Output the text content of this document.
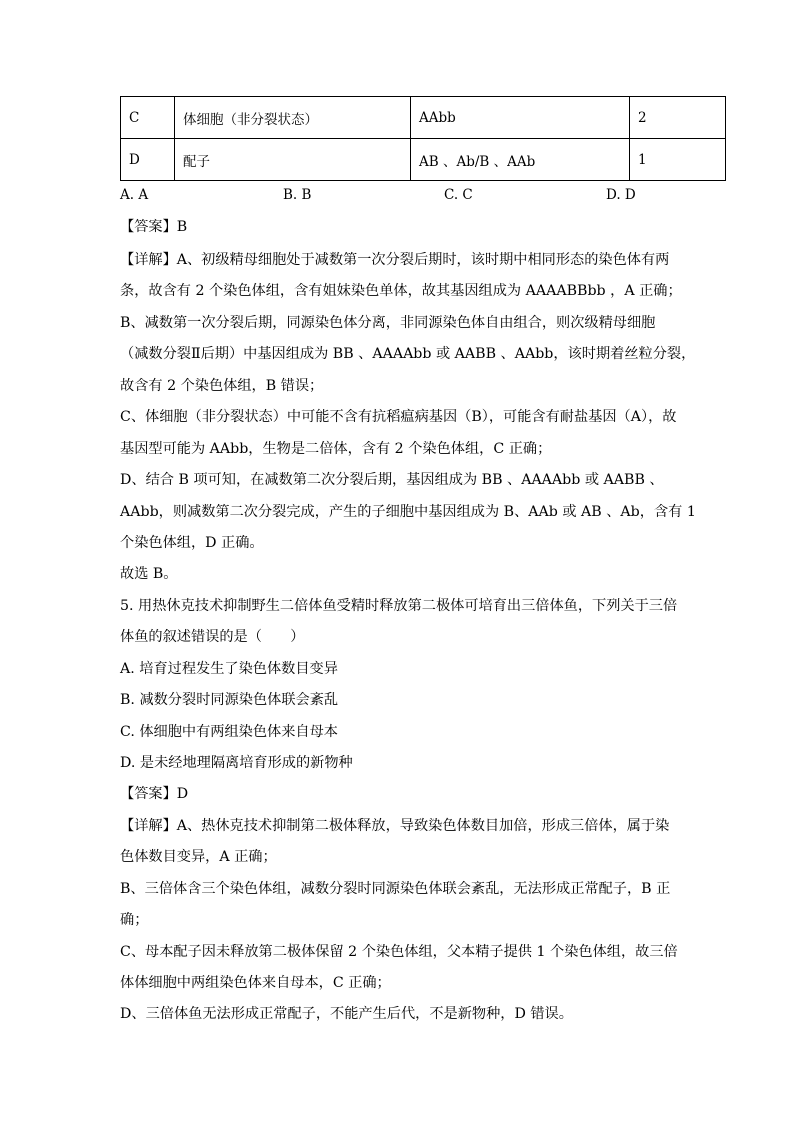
C	体细胞（非分裂状态）	AAbb	2
D	配子	AB 、Ab/B 、AAb	1
A. A	B. B	C. C	D. D
【答案】B
【详解】A、初级精母细胞处于减数第一次分裂后期时，该时期中相同形态的染色体有两
条，故含有 2 个染色体组，含有姐妹染色单体，故其基因组成为 AAAABBbb ，A 正确；
B、减数第一次分裂后期，同源染色体分离，非同源染色体自由组合，则次级精母细胞
（减数分裂Ⅱ后期）中基因组成为 BB 、AAAAbb 或 AABB 、AAbb，该时期着丝粒分裂，
故含有 2 个染色体组，B 错误；
C、体细胞（非分裂状态）中可能不含有抗稻瘟病基因（B），可能含有耐盐基因（A），故
基因型可能为 AAbb，生物是二倍体，含有 2 个染色体组，C 正确；
D、结合 B 项可知，在减数第二次分裂后期，基因组成为 BB 、AAAAbb 或 AABB 、
AAbb，则减数第二次分裂完成，产生的子细胞中基因组成为 B、AAb 或 AB 、Ab，含有 1
个染色体组，D 正确。
故选 B。
5. 用热休克技术抑制野生二倍体鱼受精时释放第二极体可培育出三倍体鱼，下列关于三倍
体鱼的叙述错误的是（　　）
A. 培育过程发生了染色体数目变异
B. 减数分裂时同源染色体联会紊乱
C. 体细胞中有两组染色体来自母本
D. 是未经地理隔离培育形成的新物种
【答案】D
【详解】A、热休克技术抑制第二极体释放，导致染色体数目加倍，形成三倍体，属于染
色体数目变异，A 正确；
B、三倍体含三个染色体组，减数分裂时同源染色体联会紊乱，无法形成正常配子，B 正
确；
C、母本配子因未释放第二极体保留 2 个染色体组，父本精子提供 1 个染色体组，故三倍
体体细胞中两组染色体来自母本，C 正确；
D、三倍体鱼无法形成正常配子，不能产生后代，不是新物种，D 错误。
